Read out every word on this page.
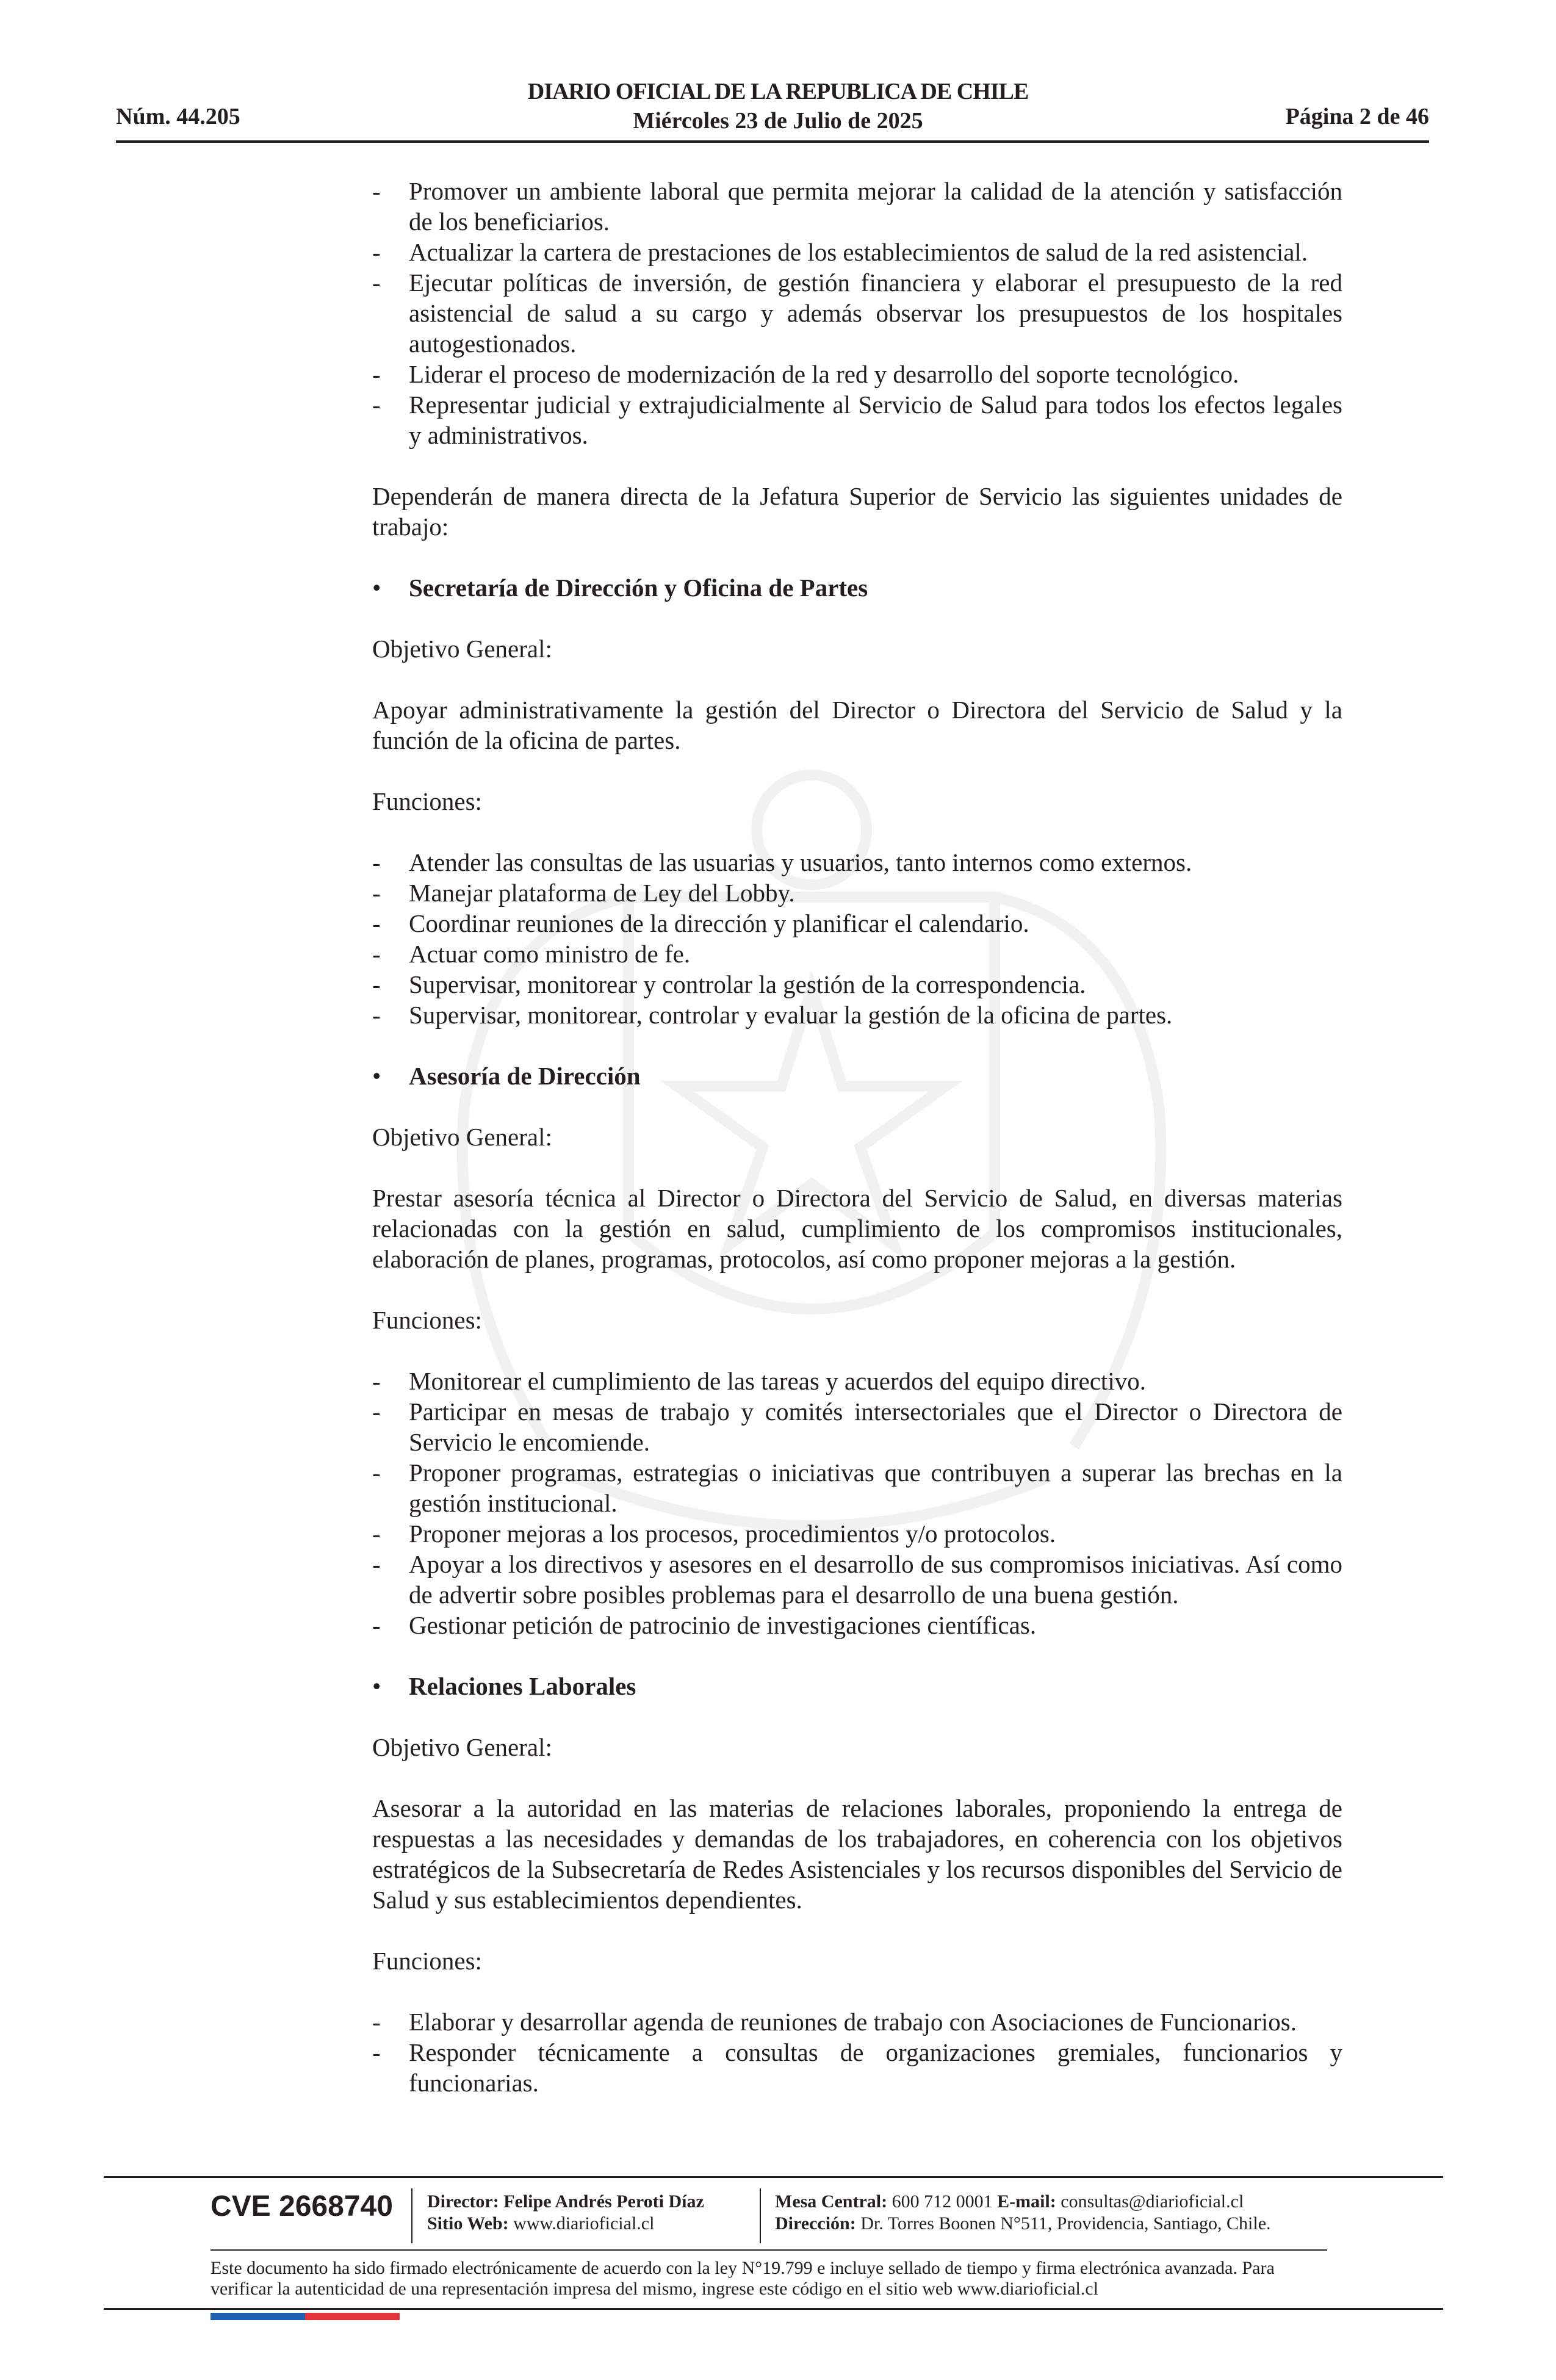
Núm. 44.205
DIARIO OFICIAL DE LA REPUBLICA DE CHILE
Miércoles 23 de Julio de 2025	Página 2 de 46
- Promover un ambiente laboral que permita mejorar la calidad de la atención y satisfacción de los beneficiarios.
- Actualizar la cartera de prestaciones de los establecimientos de salud de la red asistencial.
- Ejecutar políticas de inversión, de gestión financiera y elaborar el presupuesto de la red asistencial de salud a su cargo y además observar los presupuestos de los hospitales autogestionados.
- Liderar el proceso de modernización de la red y desarrollo del soporte tecnológico.
- Representar judicial y extrajudicialmente al Servicio de Salud para todos los efectos legales y administrativos.

Dependerán de manera directa de la Jefatura Superior de Servicio las siguientes unidades de trabajo:

• Secretaría de Dirección y Oficina de Partes

Objetivo General:

Apoyar administrativamente la gestión del Director o Directora del Servicio de Salud y la función de la oficina de partes.

Funciones:

- Atender las consultas de las usuarias y usuarios, tanto internos como externos.
- Manejar plataforma de Ley del Lobby.
- Coordinar reuniones de la dirección y planificar el calendario.
- Actuar como ministro de fe.
- Supervisar, monitorear y controlar la gestión de la correspondencia.
- Supervisar, monitorear, controlar y evaluar la gestión de la oficina de partes.
• Asesoría de Dirección

Objetivo General:

Prestar asesoría técnica al Director o Directora del Servicio de Salud, en diversas materias relacionadas con la gestión en salud, cumplimiento de los compromisos institucionales, elaboración de planes, programas, protocolos, así como proponer mejoras a la gestión.

Funciones:

- Monitorear el cumplimiento de las tareas y acuerdos del equipo directivo.
- Participar en mesas de trabajo y comités intersectoriales que el Director o Directora de Servicio le encomiende.
- Proponer programas, estrategias o iniciativas que contribuyen a superar las brechas en la gestión institucional.
- Proponer mejoras a los procesos, procedimientos y/o protocolos.
- Apoyar a los directivos y asesores en el desarrollo de sus compromisos iniciativas. Así como de advertir sobre posibles problemas para el desarrollo de una buena gestión.
- Gestionar petición de patrocinio de investigaciones científicas.
• Relaciones Laborales

Objetivo General:

Asesorar a la autoridad en las materias de relaciones laborales, proponiendo la entrega de respuestas a las necesidades y demandas de los trabajadores, en coherencia con los objetivos estratégicos de la Subsecretaría de Redes Asistenciales y los recursos disponibles del Servicio de Salud y sus establecimientos dependientes.

Funciones:

- Elaborar y desarrollar agenda de reuniones de trabajo con Asociaciones de Funcionarios.
- Responder técnicamente a consultas de organizaciones gremiales, funcionarios y funcionarias.
CVE 2668740 Director: Felipe Andrés Peroti Díaz
Sitio Web: www.diarioficial.cl
Mesa Central: 600 712 0001 E-mail: consultas@diarioficial.cl
Dirección: Dr. Torres Boonen N°511, Providencia, Santiago, Chile.
Este documento ha sido firmado electrónicamente de acuerdo con la ley N°19.799 e incluye sellado de tiempo y firma electrónica avanzada. Para verificar la autenticidad de una representación impresa del mismo, ingrese este código en el sitio web www.diarioficial.cl
